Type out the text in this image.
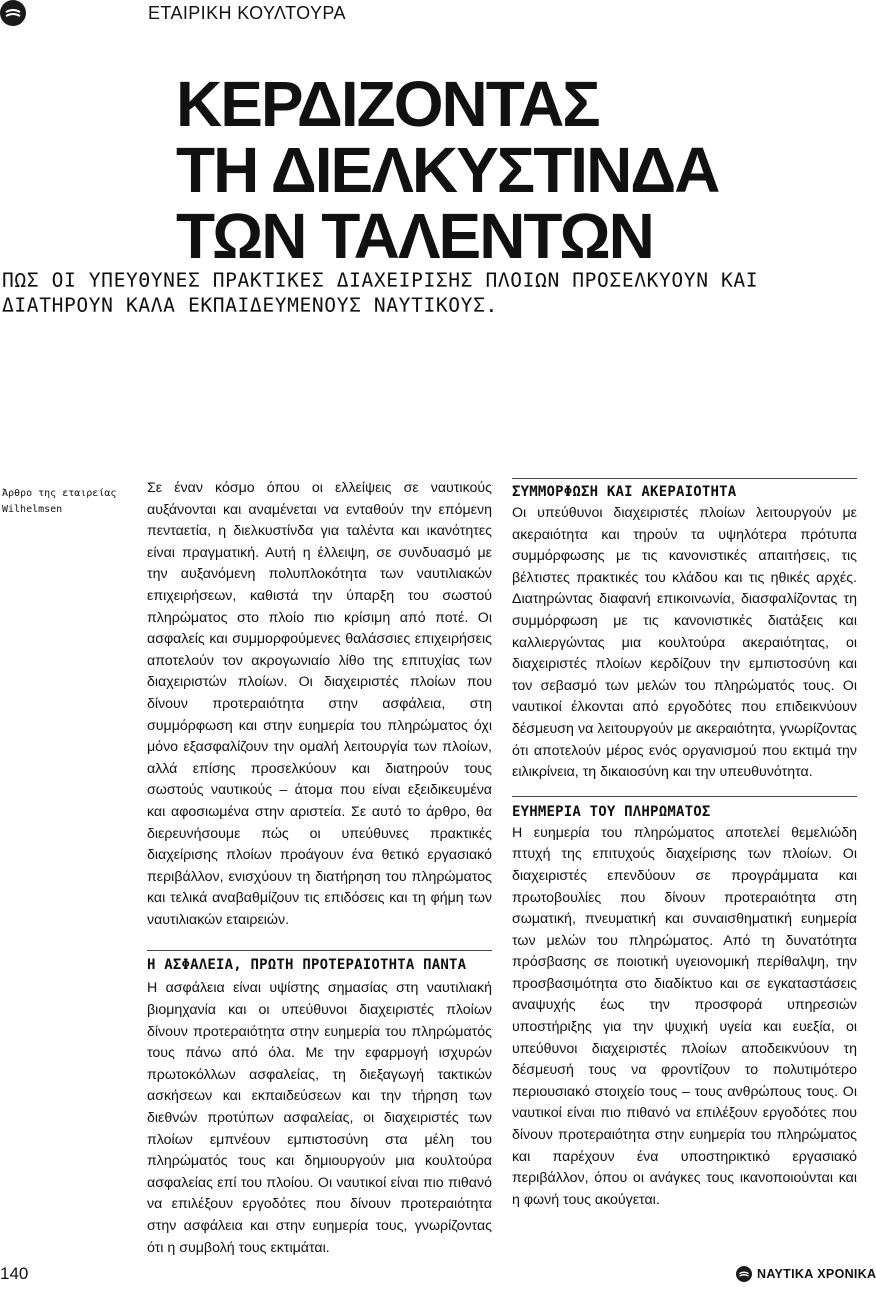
ΕΤΑΙΡΙΚΗ ΚΟΥΛΤΟΥΡΑ
ΚΕΡΔΙΖΟΝΤΑΣ
ΤΗ ΔΙΕΛΚΥΣΤΙΝΔΑ
ΤΩΝ ΤΑΛΕΝΤΩΝ
ΠΩΣ ΟΙ ΥΠΕΥΘΥΝΕΣ ΠΡΑΚΤΙΚΕΣ ΔΙΑΧΕΙΡΙΣΗΣ ΠΛΟΙΩΝ ΠΡΟΣΕΛΚΥΟΥΝ ΚΑΙ ΔΙΑΤΗΡΟΥΝ ΚΑΛΑ ΕΚΠΑΙΔΕΥΜΕΝΟΥΣ ΝΑΥΤΙΚΟΥΣ.
Άρθρο της εταιρείας Wilhelmsen

Σε έναν κόσμο όπου οι ελλείψεις σε ναυτικούς αυξάνονται και αναμένεται να ενταθούν την επόμενη πενταετία, η διελκυστίνδα για ταλέντα και ικανότητες είναι πραγματική. Αυτή η έλλειψη, σε συνδυασμό με την αυξανόμενη πολυπλοκότητα των ναυτιλιακών επιχειρήσεων, καθιστά την ύπαρξη του σωστού πληρώματος στο πλοίο πιο κρίσιμη από ποτέ. Οι ασφαλείς και συμμορφούμενες θαλάσσιες επιχειρήσεις αποτελούν τον ακρογωνιαίο λίθο της επιτυχίας των διαχειριστών πλοίων. Οι διαχειριστές πλοίων που δίνουν προτεραιότητα στην ασφάλεια, στη συμμόρφωση και στην ευημερία του πληρώματος όχι μόνο εξασφαλίζουν την ομαλή λειτουργία των πλοίων, αλλά επίσης προσελκύουν και διατηρούν τους σωστούς ναυτικούς – άτομα που είναι εξειδικευμένα και αφοσιωμένα στην αριστεία. Σε αυτό το άρθρο, θα διερευνήσουμε πώς οι υπεύθυνες πρακτικές διαχείρισης πλοίων προάγουν ένα θετικό εργασιακό περιβάλλον, ενισχύουν τη διατήρηση του πληρώματος και τελικά αναβαθμίζουν τις επιδόσεις και τη φήμη των ναυτιλιακών εταιρειών.

Η ΑΣΦΑΛΕΙΑ, ΠΡΩΤΗ ΠΡΟΤΕΡΑΙΟΤΗΤΑ ΠΑΝΤΑ

Η ασφάλεια είναι υψίστης σημασίας στη ναυτιλιακή βιομηχανία και οι υπεύθυνοι διαχειριστές πλοίων δίνουν προτεραιότητα στην ευημερία του πληρώματός τους πάνω από όλα. Με την εφαρμογή ισχυρών πρωτοκόλλων ασφαλείας, τη διεξαγωγή τακτικών ασκήσεων και εκπαιδεύσεων και την τήρηση των διεθνών προτύπων ασφαλείας, οι διαχειριστές των πλοίων εμπνέουν εμπιστοσύνη στα μέλη του πληρώματός τους και δημιουργούν μια κουλτούρα ασφαλείας επί του πλοίου. Οι ναυτικοί είναι πιο πιθανό να επιλέξουν εργοδότες που δίνουν προτεραιότητα στην ασφάλεια και στην ευημερία τους, γνωρίζοντας ότι η συμβολή τους εκτιμάται.

ΣΥΜΜΟΡΦΩΣΗ ΚΑΙ ΑΚΕΡΑΙΟΤΗΤΑ

Οι υπεύθυνοι διαχειριστές πλοίων λειτουργούν με ακεραιότητα και τηρούν τα υψηλότερα πρότυπα συμμόρφωσης με τις κανονιστικές απαιτήσεις, τις βέλτιστες πρακτικές του κλάδου και τις ηθικές αρχές. Διατηρώντας διαφανή επικοινωνία, διασφαλίζοντας τη συμμόρφωση με τις κανονιστικές διατάξεις και καλλιεργώντας μια κουλτούρα ακεραιότητας, οι διαχειριστές πλοίων κερδίζουν την εμπιστοσύνη και τον σεβασμό των μελών του πληρώματός τους. Οι ναυτικοί έλκονται από εργοδότες που επιδεικνύουν δέσμευση να λειτουργούν με ακεραιότητα, γνωρίζοντας ότι αποτελούν μέρος ενός οργανισμού που εκτιμά την ειλικρίνεια, τη δικαιοσύνη και την υπευθυνότητα.

ΕΥΗΜΕΡΙΑ ΤΟΥ ΠΛΗΡΩΜΑΤΟΣ

Η ευημερία του πληρώματος αποτελεί θεμελιώδη πτυχή της επιτυχούς διαχείρισης των πλοίων. Οι διαχειριστές επενδύουν σε προγράμματα και πρωτοβουλίες που δίνουν προτεραιότητα στη σωματική, πνευματική και συναισθηματική ευημερία των μελών του πληρώματος. Από τη δυνατότητα πρόσβασης σε ποιοτική υγειονομική περίθαλψη, την προσβασιμότητα στο διαδίκτυο και σε εγκαταστάσεις αναψυχής έως την προσφορά υπηρεσιών υποστήριξης για την ψυχική υγεία και ευεξία, οι υπεύθυνοι διαχειριστές πλοίων αποδεικνύουν τη δέσμευσή τους να φροντίζουν το πολυτιμότερο περιουσιακό στοιχείο τους – τους ανθρώπους τους. Οι ναυτικοί είναι πιο πιθανό να επιλέξουν εργοδότες που δίνουν προτεραιότητα στην ευημερία του πληρώματος και παρέχουν ένα υποστηρικτικό εργασιακό περιβάλλον, όπου οι ανάγκες τους ικανοποιούνται και η φωνή τους ακούγεται.

140	ΝΑΥΤΙΚΑ ΧΡΟΝΙΚΑ
